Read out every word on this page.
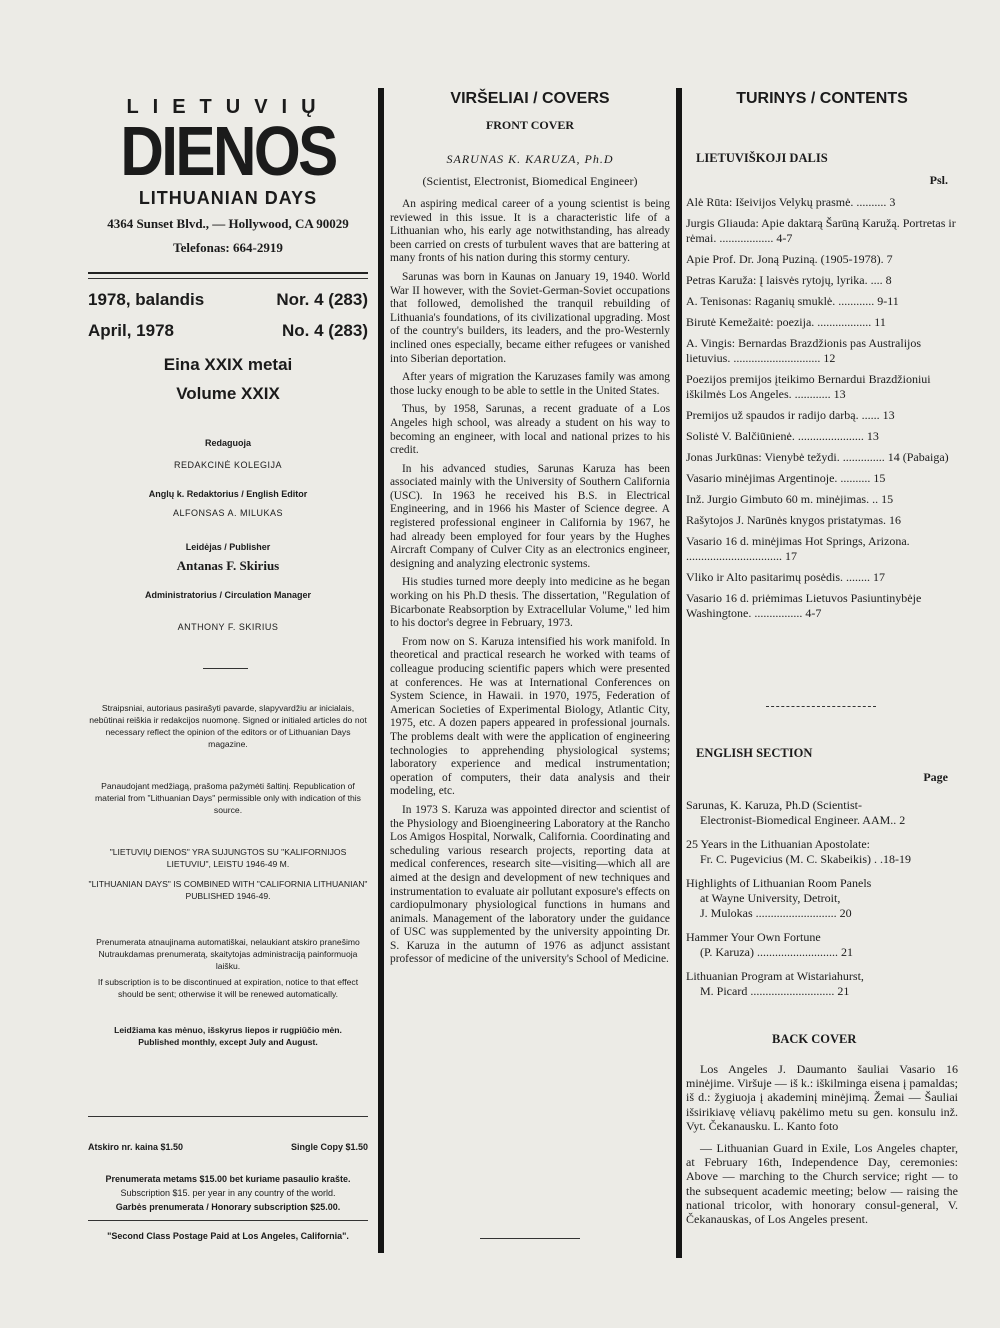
LIETUVIŲ
DIENOS
LITHUANIAN DAYS
4364 Sunset Blvd., — Hollywood, CA 90029
Telefonas: 664-2919
1978, balandis	Nor. 4 (283)
April, 1978	No. 4 (283)
Eina XXIX metai
Volume XXIX
Redaguoja
REDAKCINĖ KOLEGIJA
Anglų k. Redaktorius / English Editor
ALFONSAS A. MILUKAS
Leidėjas / Publisher
Antanas F. Skirius
Administratorius / Circulation Manager
ANTHONY F. SKIRIUS
Straipsniai, autoriaus pasirašyti pavarde, slapyvardžiu ar inicialais, nebūtinai reiškia ir redakcijos nuomonę. Signed or initialed articles do not necessary reflect the opinion of the editors or of Lithuanian Days magazine.
Panaudojant medžiagą, prašoma pažymėti šaltinį. Republication of material from "Lithuanian Days" permissible only with indication of this source.
"LIETUVIŲ DIENOS" YRA SUJUNGTOS SU "KALIFORNIJOS LIETUVIU", LEISTU 1946-49 M.
"LITHUANIAN DAYS" IS COMBINED WITH "CALIFORNIA LITHUANIAN" PUBLISHED 1946-49.
Prenumerata atnaujinama automatiškai, nelaukiant atskiro pranešimo Nutraukdamas prenumeratą, skaitytojas administraciją painformuoja laišku.
If subscription is to be discontinued at expiration, notice to that effect should be sent; otherwise it will be renewed automatically.
Leidžiama kas mėnuo, išskyrus liepos ir rugpiūčio mėn.
Published monthly, except July and August.
Atskiro nr. kaina $1.50	Single Copy $1.50
Prenumerata metams $15.00 bet kuriame pasaulio krašte.
Subscription $15. per year in any country of the world.
Garbės prenumerata / Honorary subscription $25.00.
"Second Class Postage Paid at Los Angeles, California".
VIRŠELIAI / COVERS
FRONT COVER
SARUNAS K. KARUZA, Ph.D
(Scientist, Electronist, Biomedical Engineer)

An aspiring medical career of a young scientist is being reviewed in this issue. It is a characteristic life of a Lithuanian who, his early age notwithstanding, has already been carried on crests of turbulent waves that are battering at many fronts of his nation during this stormy century.

Sarunas was born in Kaunas on January 19, 1940. World War II however, with the Soviet-German-Soviet occupations that followed, demolished the tranquil rebuilding of Lithuania's foundations, of its civilizational upgrading. Most of the country's builders, its leaders, and the pro-Westernly inclined ones especially, became either refugees or vanished into Siberian deportation.

After years of migration the Karuzases family was among those lucky enough to be able to settle in the United States.

Thus, by 1958, Sarunas, a recent graduate of a Los Angeles high school, was already a student on his way to becoming an engineer, with local and national prizes to his credit.

In his advanced studies, Sarunas Karuza has been associated mainly with the University of Southern California (USC). In 1963 he received his B.S. in Electrical Engineering, and in 1966 his Master of Science degree. A registered professional engineer in California by 1967, he had already been employed for four years by the Hughes Aircraft Company of Culver City as an electronics engineer, designing and analyzing electronic systems.

His studies turned more deeply into medicine as he began working on his Ph.D thesis. The dissertation, "Regulation of Bicarbonate Reabsorption by Extracellular Volume," led him to his doctor's degree in February, 1973.

From now on S. Karuza intensified his work manifold. In theoretical and practical research he worked with teams of colleague producing scientific papers which were presented at conferences. He was at International Conferences on System Science, in Hawaii. in 1970, 1975, Federation of American Societies of Experimental Biology, Atlantic City, 1975, etc. A dozen papers appeared in professional journals. The problems dealt with were the application of engineering technologies to apprehending physiological systems; laboratory experience and medical instrumentation; operation of computers, their data analysis and their modeling, etc.

In 1973 S. Karuza was appointed director and scientist of the Physiology and Bioengineering Laboratory at the Rancho Los Amigos Hospital, Norwalk, California. Coordinating and scheduling various research projects, reporting data at medical conferences, research site—visiting—which all are aimed at the design and development of new techniques and instrumentation to evaluate air pollutant exposure's effects on cardiopulmonary physiological functions in humans and animals. Management of the laboratory under the guidance of USC was supplemented by the university appointing Dr. S. Karuza in the autumn of 1976 as adjunct assistant professor of medicine of the university's School of Medicine.

TURINYS / CONTENTS
LIETUVIŠKOJI DALIS
Psl.
Alė Rūta: Išeivijos Velykų prasmė. .......... 3
Jurgis Gliauda: Apie daktarą Šarūną Karužą. Portretas ir rėmai. .................. 4-7
Apie Prof. Dr. Joną Puziną. (1905-1978). 7
Petras Karuža: Į laisvės rytojų, lyrika. .... 8
A. Tenisonas: Raganių smuklė. ............ 9-11
Birutė Kemežaitė: poezija. .................. 11
A. Vingis: Bernardas Brazdžionis pas Australijos lietuvius. ............................. 12
Poezijos premijos įteikimo Bernardui Brazdžioniui iškilmės Los Angeles. ............ 13
Premijos už spaudos ir radijo darbą. ...... 13
Solistė V. Balčiūnienė. ...................... 13
Jonas Jurkūnas: Vienybė težydi. .............. 14 (Pabaiga)
Vasario minėjimas Argentinoje. .......... 15
Inž. Jurgio Gimbuto 60 m. minėjimas. .. 15
Rašytojos J. Narūnės knygos pristatymas. 16
Vasario 16 d. minėjimas Hot Springs, Arizona. ................................ 17
Vliko ir Alto pasitarimų posėdis. ........ 17
Vasario 16 d. priėmimas Lietuvos Pasiuntinybėje Washingtone. ................ 4-7
ENGLISH SECTION
Page
Sarunas, K. Karuza, Ph.D (Scientist-
Electronist-Biomedical Engineer. AAM.. 2
25 Years in the Lithuanian Apostolate:
Fr. C. Pugevicius (M. C. Skabeikis) . .18-19
Highlights of Lithuanian Room Panels
at Wayne University, Detroit,
J. Mulokas ........................... 20
Hammer Your Own Fortune
(P. Karuza) ........................... 21
Lithuanian Program at Wistariahurst,
M. Picard ............................ 21
BACK COVER

Los Angeles J. Daumanto šauliai Vasario 16 minėjime. Viršuje — iš k.: iškilminga eisena į pamaldas; iš d.: žygiuoja į akademinį minėjimą. Žemai — Šauliai išsirikiavę vėliavų pakėlimo metu su gen. konsulu inž. Vyt. Čekanausku. L. Kanto foto

— Lithuanian Guard in Exile, Los Angeles chapter, at February 16th, Independence Day, ceremonies: Above — marching to the Church service; right — to the subsequent academic meeting; below — raising the national tricolor, with honorary consul-general, V. Čekanauskas, of Los Angeles present.
